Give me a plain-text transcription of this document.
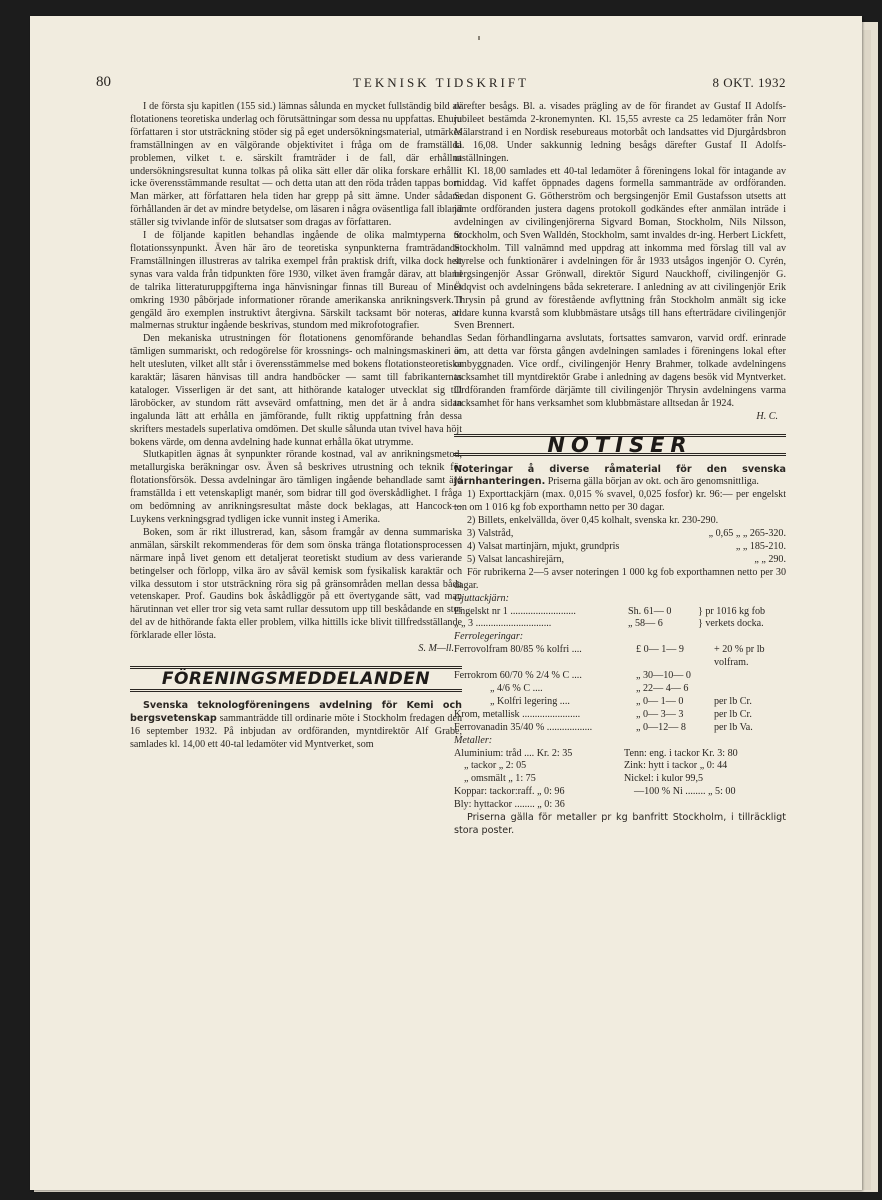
80	TEKNISK TIDSKRIFT	8 OKT. 1932

I de första sju kapitlen (155 sid.) lämnas sålunda en mycket fullständig bild av flotationens teoretiska underlag och förutsättningar som dessa nu uppfattas. Ehuru författaren i stor utsträckning stöder sig på eget undersökningsmaterial, utmärkes framställningen av en välgörande objektivitet i fråga om de framställda problemen, vilket t. e. särskilt framträder i de fall, där erhållna undersökningsresultat kunna tolkas på olika sätt eller där olika forskare erhållit icke överensstämmande resultat — och detta utan att den röda tråden tappas bort. Man märker, att författaren hela tiden har grepp på sitt ämne. Under sådana förhållanden är det av mindre betydelse, om läsaren i några oväsentliga fall ibland ställer sig tvivlande inför de slutsatser som dragas av författaren.

I de följande kapitlen behandlas ingående de olika malmtyperna ur flotationssynpunkt. Även här äro de teoretiska synpunkterna framträdande. Framställningen illustreras av talrika exempel från praktisk drift, vilka dock helt synas vara valda från tidpunkten före 1930, vilket även framgår därav, att bland de talrika litteraturuppgifterna inga hänvisningar finnas till Bureau of Mines omkring 1930 påbörjade informationer rörande amerikanska anrikningsverk. I gengäld äro exemplen instruktivt återgivna. Särskilt tacksamt bör noteras, att malmernas struktur ingående beskrivas, stundom med mikrofotografier.

Den mekaniska utrustningen för flotationens genomförande behandlas tämligen summariskt, och redogörelse för krossnings- och malningsmaskineri är helt utesluten, vilket allt står i överensstämmelse med bokens flotationsteoretiska karaktär; läsaren hänvisas till andra handböcker — samt till fabrikanternas kataloger. Visserligen är det sant, att hithörande kataloger utvecklat sig till läroböcker, av stundom rätt avsevärd omfattning, men det är å andra sidan ingalunda lätt att erhålla en jämförande, fullt riktig uppfattning från dessa skrifters mestadels superlativa omdömen. Det skulle sålunda utan tvivel hava höjt bokens värde, om denna avdelning hade kunnat erhålla ökat utrymme.

Slutkapitlen ägnas åt synpunkter rörande kostnad, val av anrikningsmetod, metallurgiska beräkningar osv. Även så beskrives utrustning och teknik för flotationsförsök. Dessa avdelningar äro tämligen ingående behandlade samt äro framställda i ett vetenskapligt manér, som bidrar till god överskådlighet. I fråga om bedömning av anrikningsresultat måste dock beklagas, att Hancock—Luykens verkningsgrad tydligen icke vunnit insteg i Amerika.

Boken, som är rikt illustrerad, kan, såsom framgår av denna summariska anmälan, särskilt rekommenderas för dem som önska tränga flotationsprocessen närmare inpå livet genom ett detaljerat teoretiskt studium av dess varierande betingelser och förlopp, vilka äro av såväl kemisk som fysikalisk karaktär och vilka dessutom i stor utsträckning röra sig på gränsområden mellan dessa båda vetenskaper. Prof. Gaudins bok åskådliggör på ett övertygande sätt, vad man härutinnan vet eller tror sig veta samt rullar dessutom upp till beskådande en stor del av de hithörande fakta eller problem, vilka hittills icke blivit tillfredsställande förklarade eller lösta.

S. M—ll.
FÖRENINGSMEDDELANDEN

Svenska teknologföreningens avdelning för Kemi och bergsvetenskap sammanträdde till ordinarie möte i Stockholm fredagen den 16 september 1932. På inbjudan av ordföranden, myntdirektör Alf Grabe, samlades kl. 14,00 ett 40-tal ledamöter vid Myntverket, som

därefter besågs. Bl. a. visades prägling av de för firandet av Gustaf II Adolfs-jubileet bestämda 2-kronemynten. Kl. 15,55 avreste ca 25 ledamöter från Norr Mälarstrand i en Nordisk resebureaus motorbåt och landsattes vid Djurgårdsbron kl. 16,08. Under sakkunnig ledning besågs därefter Gustaf II Adolfs-utställningen.

Kl. 18,00 samlades ett 40-tal ledamöter å föreningens lokal för intagande av middag. Vid kaffet öppnades dagens formella sammanträde av ordföranden. Sedan disponent G. Götherström och bergsingenjör Emil Gustafsson utsetts att jämte ordföranden justera dagens protokoll godkändes efter anmälan inträde i avdelningen av civilingenjörerna Sigvard Boman, Stockholm, Nils Nilsson, Stockholm, och Sven Walldén, Stockholm, samt invaldes dr-ing. Herbert Lickfett, Stockholm. Till valnämnd med uppdrag att inkomma med förslag till val av styrelse och funktionärer i avdelningen för år 1933 utsågos ingenjör O. Cyrén, bergsingenjör Assar Grönwall, direktör Sigurd Nauckhoff, civilingenjör G. Ödqvist och avdelningens båda sekreterare. I anledning av att civilingenjör Erik Thrysin på grund av förestående avflyttning från Stockholm anmält sig icke vidare kunna kvarstå som klubbmästare utsågs till hans efterträdare civilingenjör Sven Brennert.

Sedan förhandlingarna avslutats, fortsattes samvaron, varvid ordf. erinrade om, att detta var första gången avdelningen samlades i föreningens lokal efter ombyggnaden. Vice ordf., civilingenjör Henry Brahmer, tolkade avdelningens tacksamhet till myntdirektör Grabe i anledning av dagens besök vid Myntverket. Ordföranden framförde därjämte till civilingenjör Thrysin avdelningens varma tacksamhet för hans verksamhet som klubbmästare alltsedan år 1924.

H. C.
NOTISER

Noteringar å diverse råmaterial för den svenska järnhanteringen. Priserna gälla början av okt. och äro genomsnittliga.

1) Exporttackjärn (max. 0,015 % svavel, 0,025 fosfor) kr. 96:— per engelskt ton om 1 016 kg fob exporthamn netto per 30 dagar.

2) Billets, enkelvällda, över 0,45 kolhalt, svenska kr. 230-290.

3) Valstråd,	„ 0,65 „ „ 265-320.

4) Valsat martinjärn, mjukt, grundpris	„ „ 185-210.

5) Valsat lancashirejärn,	„ „ 290.

För rubrikerna 2—5 avser noteringen 1 000 kg fob exporthamnen netto per 30 dagar.

Gjuttackjärn:
Engelskt nr 1 ..........................	Sh. 61— 0	} pr 1016 kg fob
„ „ 3 ..............................	„ 58— 6	} verkets docka.
Ferrolegeringar:
Ferrovolfram 80/85 % kolfri ....	£ 0— 1— 9	+ 20 % pr lb
volfram.
Ferrokrom 60/70 % 2/4 % C ....	„ 30—10— 0
„ 4/6 % C ....	„ 22— 4— 6
„ Kolfri legering ....	„ 0— 1— 0	per lb Cr.
Krom, metallisk .......................	„ 0— 3— 3	per lb Cr.
Ferrovanadin 35/40 % ..................	„ 0—12— 8	per lb Va.
Metaller:
Aluminium: tråd .... Kr. 2: 35	Tenn: eng. i tackor Kr. 3: 80
„ tackor „ 2: 05	Zink: hytt i tackor „ 0: 44
„ omsmält „ 1: 75	Nickel: i kulor 99,5
Koppar: tackor:raff. „ 0: 96	—100 % Ni ........ „ 5: 00
Bly: hyttackor ........ „ 0: 36

Priserna gälla för metaller pr kg banfritt Stockholm, i tillräckligt stora poster.
